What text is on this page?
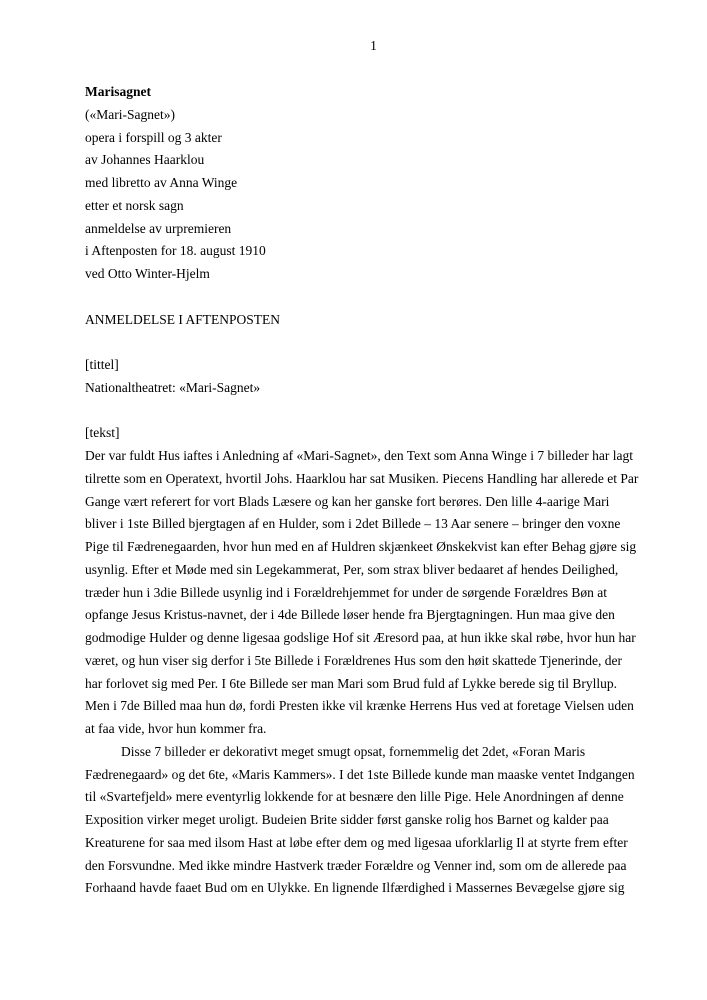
1
Marisagnet
(«Mari-Sagnet»)
opera i forspill og 3 akter
av Johannes Haarklou
med libretto av Anna Winge
etter et norsk sagn
anmeldelse av urpremieren
i Aftenposten for 18. august 1910
ved Otto Winter-Hjelm
ANMELDELSE I AFTENPOSTEN
[tittel]
Nationaltheatret: «Mari-Sagnet»
[tekst]
Der var fuldt Hus iaftes i Anledning af «Mari-Sagnet», den Text som Anna Winge i 7 billeder har lagt
tilrette som en Operatext, hvortil Johs. Haarklou har sat Musiken. Piecens Handling har allerede et Par
Gange vært referert for vort Blads Læsere og kan her ganske fort berøres. Den lille 4-aarige Mari
bliver i 1ste Billed bjergtagen af en Hulder, som i 2det Billede – 13 Aar senere – bringer den voxne
Pige til Fædrenegaarden, hvor hun med en af Huldren skjænkeet Ønskekvist kan efter Behag gjøre sig
usynlig. Efter et Møde med sin Legekammerat, Per, som strax bliver bedaaret af hendes Deilighed,
træder hun i 3die Billede usynlig ind i Forældrehjemmet for under de sørgende Forældres Bøn at
opfange Jesus Kristus-navnet, der i 4de Billede løser hende fra Bjergtagningen. Hun maa give den
godmodige Hulder og denne ligesaa godslige Hof sit Æresord paa, at hun ikke skal røbe, hvor hun har
været, og hun viser sig derfor i 5te Billede i Forældrenes Hus som den høit skattede Tjenerinde, der
har forlovet sig med Per. I 6te Billede ser man Mari som Brud fuld af Lykke berede sig til Bryllup.
Men i 7de Billed maa hun dø, fordi Presten ikke vil krænke Herrens Hus ved at foretage Vielsen uden
at faa vide, hvor hun kommer fra.
Disse 7 billeder er dekorativt meget smugt opsat, fornemmelig det 2det, «Foran Maris
Fædrenegaard» og det 6te, «Maris Kammers». I det 1ste Billede kunde man maaske ventet Indgangen
til «Svartefjeld» mere eventyrlig lokkende for at besnære den lille Pige. Hele Anordningen af denne
Exposition virker meget uroligt. Budeien Brite sidder først ganske rolig hos Barnet og kalder paa
Kreaturene for saa med ilsom Hast at løbe efter dem og med ligesaa uforklarlig Il at styrte frem efter
den Forsvundne. Med ikke mindre Hastverk træder Forældre og Venner ind, som om de allerede paa
Forhaand havde faaet Bud om en Ulykke. En lignende Ilfærdighed i Massernes Bevægelse gjøre sig
